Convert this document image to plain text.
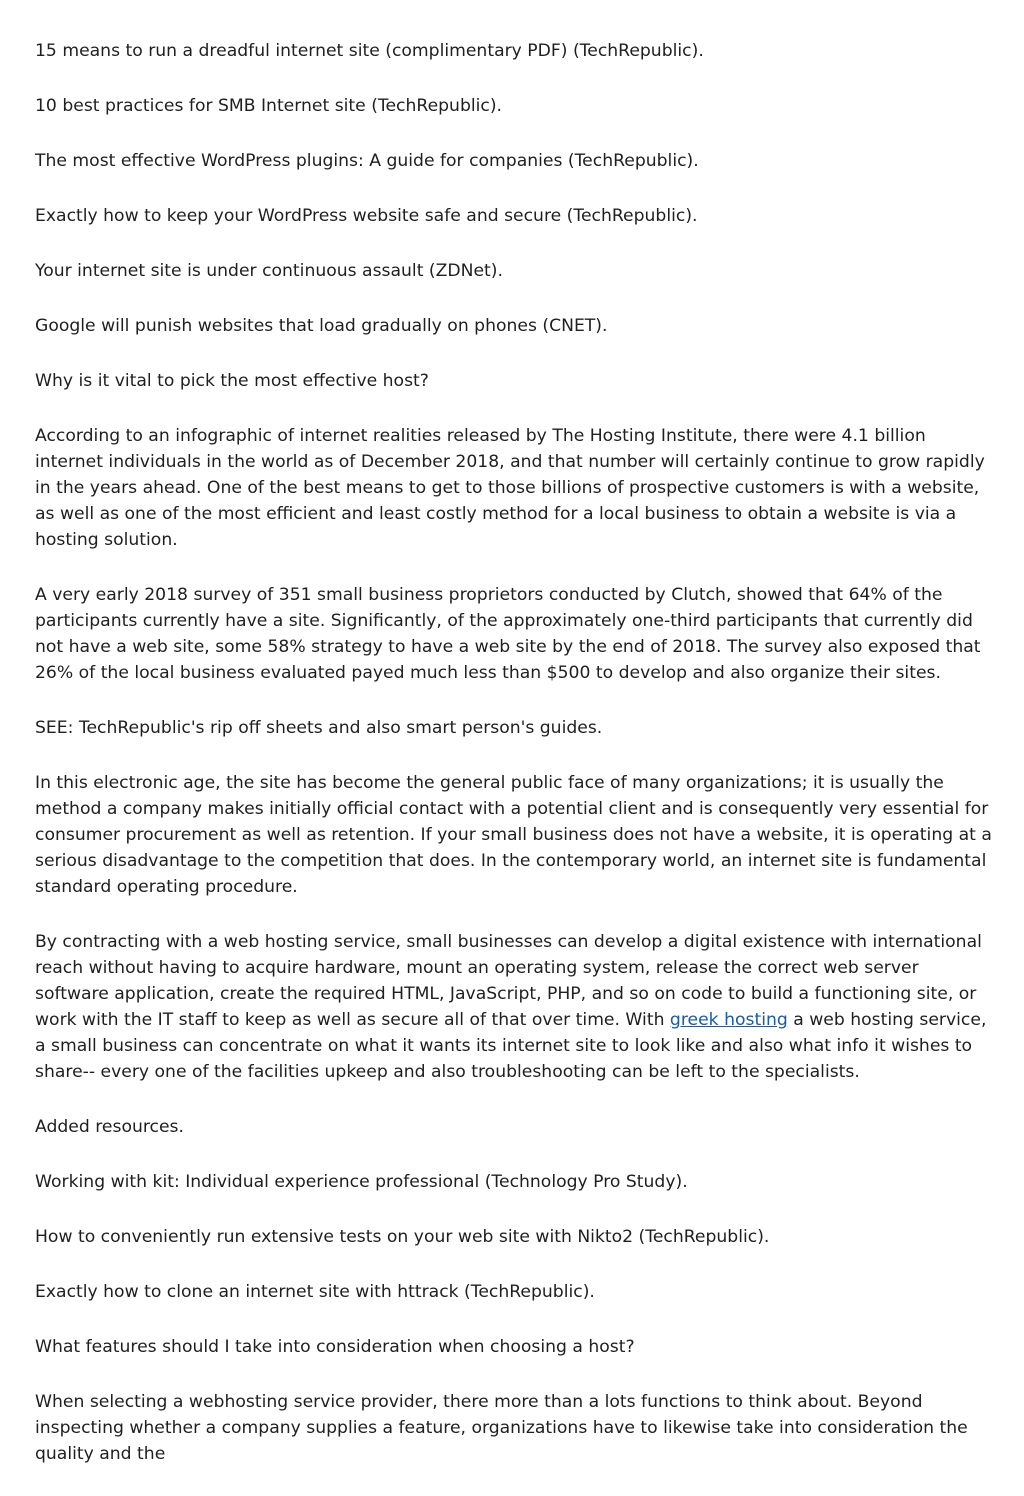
15 means to run a dreadful internet site (complimentary PDF) (TechRepublic).

10 best practices for SMB Internet site (TechRepublic).

The most effective WordPress plugins: A guide for companies (TechRepublic).

Exactly how to keep your WordPress website safe and secure (TechRepublic).

Your internet site is under continuous assault (ZDNet).

Google will punish websites that load gradually on phones (CNET).

Why is it vital to pick the most effective host?

According to an infographic of internet realities released by The Hosting Institute, there were 4.1 billion internet individuals in the world as of December 2018, and that number will certainly continue to grow rapidly in the years ahead. One of the best means to get to those billions of prospective customers is with a website, as well as one of the most efficient and least costly method for a local business to obtain a website is via a hosting solution.

A very early 2018 survey of 351 small business proprietors conducted by Clutch, showed that 64% of the participants currently have a site. Significantly, of the approximately one-third participants that currently did not have a web site, some 58% strategy to have a web site by the end of 2018. The survey also exposed that 26% of the local business evaluated payed much less than $500 to develop and also organize their sites.

SEE: TechRepublic's rip off sheets and also smart person's guides.

In this electronic age, the site has become the general public face of many organizations; it is usually the method a company makes initially official contact with a potential client and is consequently very essential for consumer procurement as well as retention. If your small business does not have a website, it is operating at a serious disadvantage to the competition that does. In the contemporary world, an internet site is fundamental standard operating procedure.

By contracting with a web hosting service, small businesses can develop a digital existence with international reach without having to acquire hardware, mount an operating system, release the correct web server software application, create the required HTML, JavaScript, PHP, and so on code to build a functioning site, or work with the IT staff to keep as well as secure all of that over time. With greek hosting a web hosting service, a small business can concentrate on what it wants its internet site to look like and also what info it wishes to share-- every one of the facilities upkeep and also troubleshooting can be left to the specialists.

Added resources.

Working with kit: Individual experience professional (Technology Pro Study).

How to conveniently run extensive tests on your web site with Nikto2 (TechRepublic).

Exactly how to clone an internet site with httrack (TechRepublic).

What features should I take into consideration when choosing a host?

When selecting a webhosting service provider, there more than a lots functions to think about. Beyond inspecting whether a company supplies a feature, organizations have to likewise take into consideration the quality and the
